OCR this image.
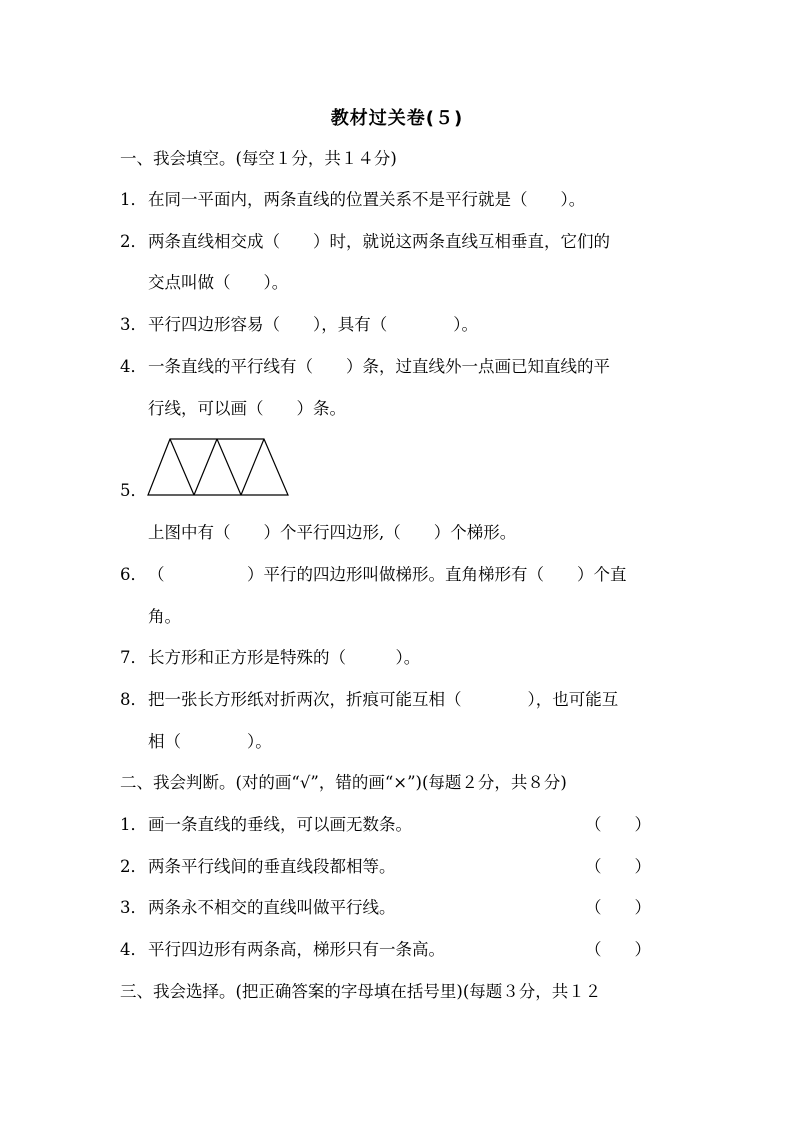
教材过关卷(５)
一、我会填空。(每空１分，共１４分)
1． 在同一平面内，两条直线的位置关系不是平行就是（　　）。
2． 两条直线相交成（　　）时，就说这两条直线互相垂直，它们的
交点叫做（　　）。
3． 平行四边形容易（　　），具有（　　　　）。
4． 一条直线的平行线有（　　）条，过直线外一点画已知直线的平
行线，可以画（　　）条。
5．
上图中有（　　）个平行四边形,（　　）个梯形。
6． （　　　　　）平行的四边形叫做梯形。直角梯形有（　　）个直
角。
7． 长方形和正方形是特殊的（　　　）。
8． 把一张长方形纸对折两次，折痕可能互相（　　　　），也可能互
相（　　　　）。
二、我会判断。(对的画“√”，错的画“×”)(每题２分，共８分)
1． 画一条直线的垂线，可以画无数条。	（　　）
2． 两条平行线间的垂直线段都相等。	（　　）
3． 两条永不相交的直线叫做平行线。	（　　）
4． 平行四边形有两条高，梯形只有一条高。	（　　）
三、我会选择。(把正确答案的字母填在括号里)(每题３分，共１２
